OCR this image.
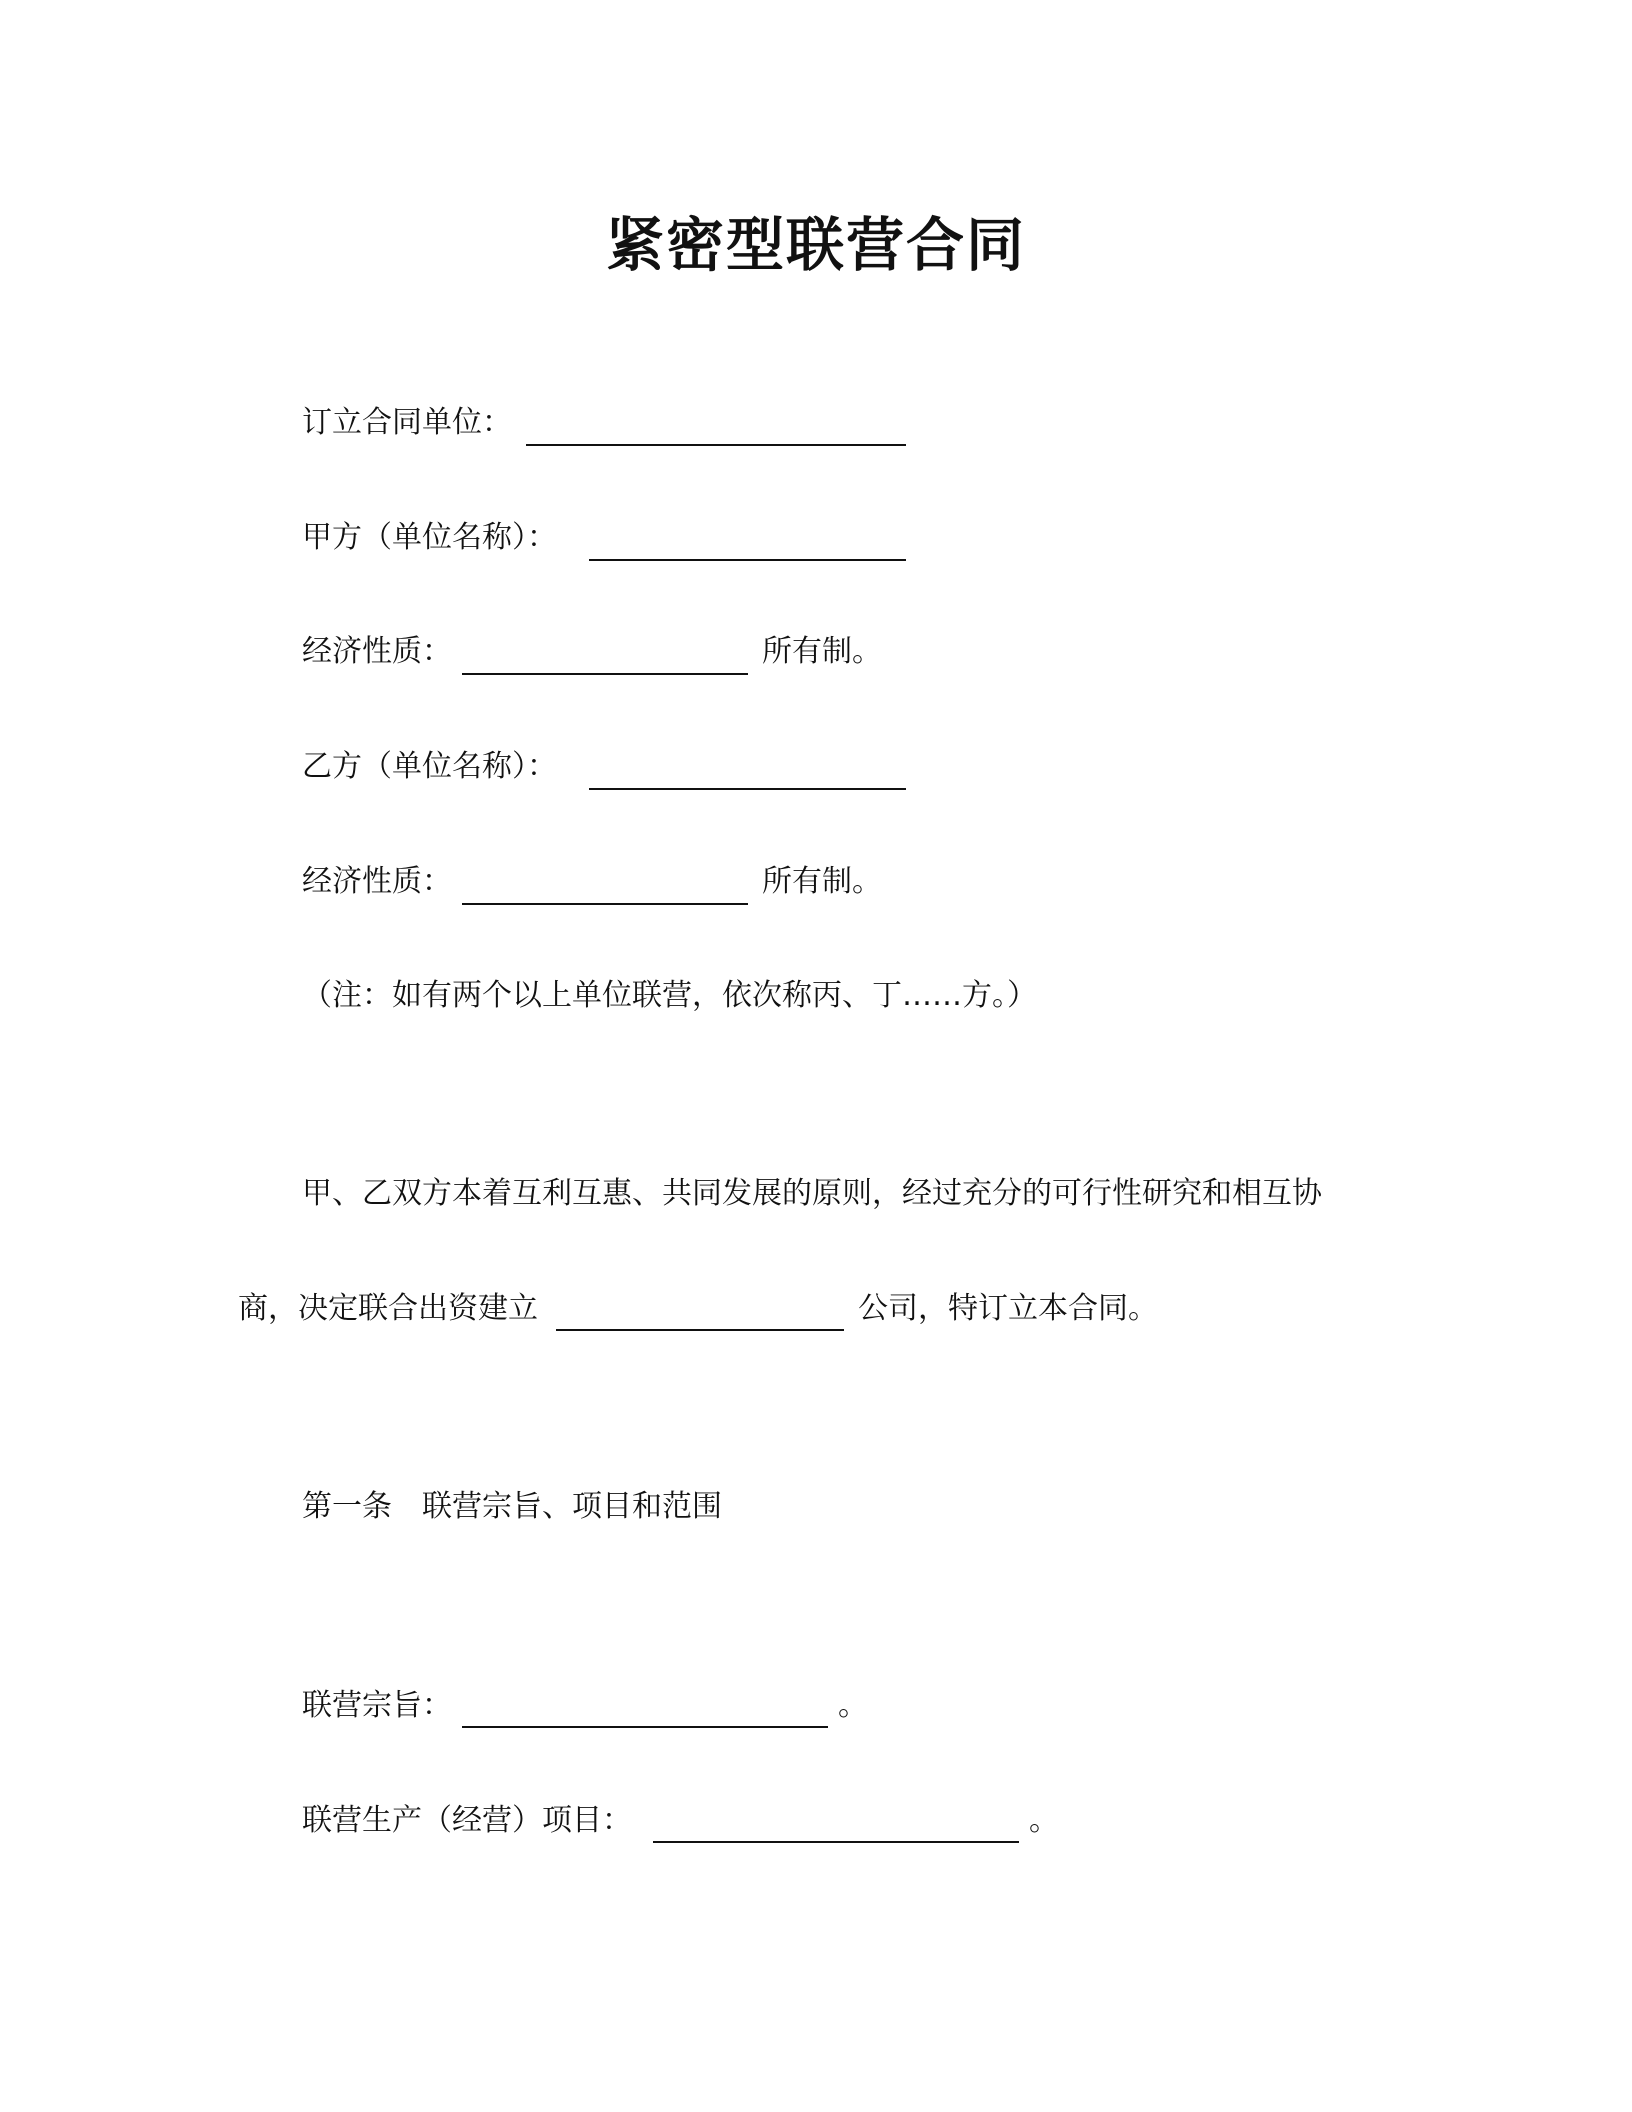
紧密型联营合同
订立合同单位：
甲方（单位名称）：
经济性质：	所有制。
乙方（单位名称）：
经济性质：	所有制。
（注：如有两个以上单位联营，依次称丙、丁……方。）
甲、乙双方本着互利互惠、共同发展的原则，经过充分的可行性研究和相互协
商，决定联合出资建立	公司，特订立本合同。
第一条　联营宗旨、项目和范围
联营宗旨：	。
联营生产（经营）项目：	。
